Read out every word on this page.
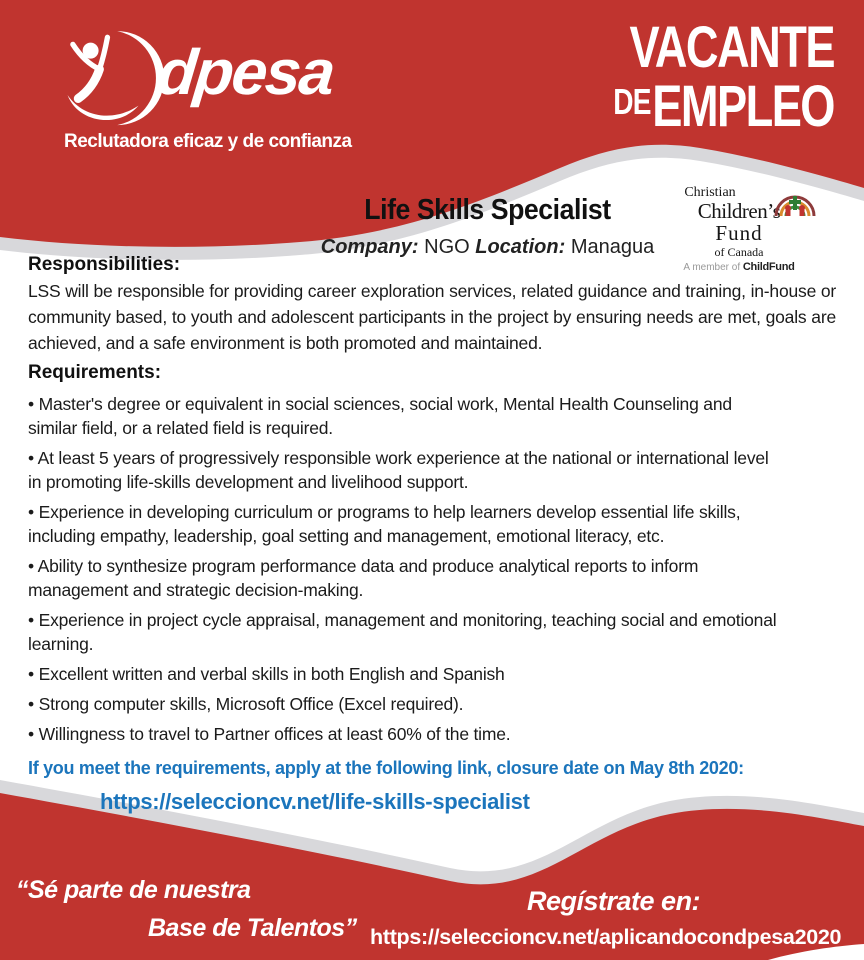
dpesa
Reclutadora eficaz y de confianza
VACANTE
$^{DE}$EMPLEO
Life Skills Specialist
Company: NGO Location: Managua
Christian
Children’s
Fund
of Canada
A member of ChildFund
Responsibilities:

LSS will be responsible for providing career exploration services, related guidance and training, in-house or community based, to youth and adolescent participants in the project by ensuring needs are met, goals are achieved, and a safe environment is both promoted and maintained.

Requirements:
• Master's degree or equivalent in social sciences, social work, Mental Health Counseling and
similar field, or a related field is required.
• At least 5 years of progressively responsible work experience at the national or international level
in promoting life-skills development and livelihood support.
• Experience in developing curriculum or programs to help learners develop essential life skills,
including empathy, leadership, goal setting and management, emotional literacy, etc.
• Ability to synthesize program performance data and produce analytical reports to inform
management and strategic decision-making.
• Experience in project cycle appraisal, management and monitoring, teaching social and emotional
learning.
• Excellent written and verbal skills in both English and Spanish
• Strong computer skills, Microsoft Office (Excel required).
• Willingness to travel to Partner offices at least 60% of the time.
If you meet the requirements, apply at the following link, closure date on May 8th 2020:
https://seleccioncv.net/life-skills-specialist
“Sé parte de nuestra
Base de Talentos”
Regístrate en:
https://seleccioncv.net/aplicandocondpesa2020
